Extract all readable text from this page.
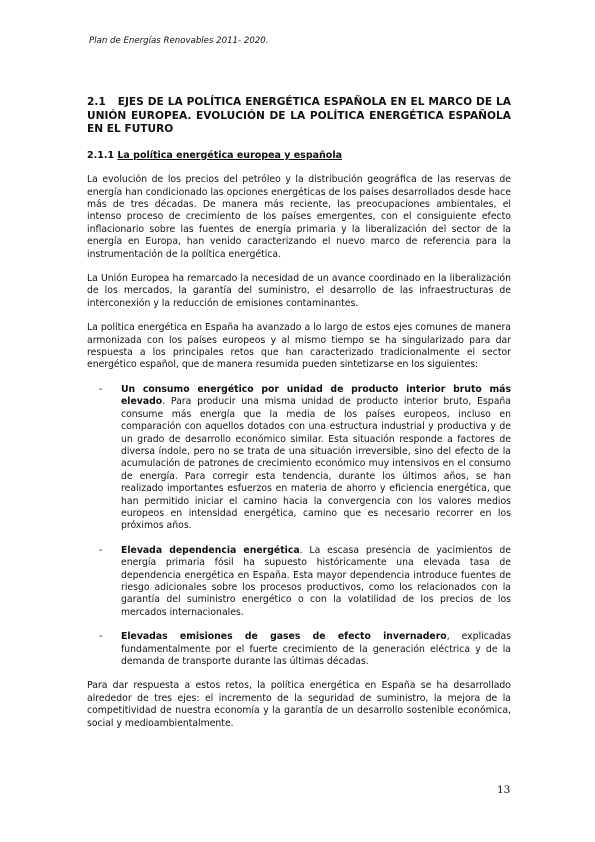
Plan de Energías Renovables 2011- 2020.
2.1 EJES DE LA POLÍTICA ENERGÉTICA ESPAÑOLA EN EL MARCO DE LA UNIÓN EUROPEA. EVOLUCIÓN DE LA POLÍTICA ENERGÉTICA ESPAÑOLA EN EL FUTURO
2.1.1 La política energética europea y española

La evolución de los precios del petróleo y la distribución geográfica de las reservas de energía han condicionado las opciones energéticas de los países desarrollados desde hace más de tres décadas. De manera más reciente, las preocupaciones ambientales, el intenso proceso de crecimiento de los países emergentes, con el consiguiente efecto inflacionario sobre las fuentes de energía primaria y la liberalización del sector de la energía en Europa, han venido caracterizando el nuevo marco de referencia para la instrumentación de la política energética.

La Unión Europea ha remarcado la necesidad de un avance coordinado en la liberalización de los mercados, la garantía del suministro, el desarrollo de las infraestructuras de interconexión y la reducción de emisiones contaminantes.

La política energética en España ha avanzado a lo largo de estos ejes comunes de manera armonizada con los países europeos y al mismo tiempo se ha singularizado para dar respuesta a los principales retos que han caracterizado tradicionalmente el sector energético español, que de manera resumida pueden sintetizarse en los siguientes:

- Un consumo energético por unidad de producto interior bruto más elevado. Para producir una misma unidad de producto interior bruto, España consume más energía que la media de los países europeos, incluso en comparación con aquellos dotados con una estructura industrial y productiva y de un grado de desarrollo económico similar. Esta situación responde a factores de diversa índole, pero no se trata de una situación irreversible, sino del efecto de la acumulación de patrones de crecimiento económico muy intensivos en el consumo de energía. Para corregir esta tendencia, durante los últimos años, se han realizado importantes esfuerzos en materia de ahorro y eficiencia energética, que han permitido iniciar el camino hacia la convergencia con los valores medios europeos en intensidad energética, camino que es necesario recorrer en los próximos años.
- Elevada dependencia energética. La escasa presencia de yacimientos de energía primaria fósil ha supuesto históricamente una elevada tasa de dependencia energética en España. Esta mayor dependencia introduce fuentes de riesgo adicionales sobre los procesos productivos, como los relacionados con la garantía del suministro energético o con la volatilidad de los precios de los mercados internacionales.
- Elevadas emisiones de gases de efecto invernadero, explicadas fundamentalmente por el fuerte crecimiento de la generación eléctrica y de la demanda de transporte durante las últimas décadas.

Para dar respuesta a estos retos, la política energética en España se ha desarrollado alrededor de tres ejes: el incremento de la seguridad de suministro, la mejora de la competitividad de nuestra economía y la garantía de un desarrollo sostenible económica, social y medioambientalmente.

13
